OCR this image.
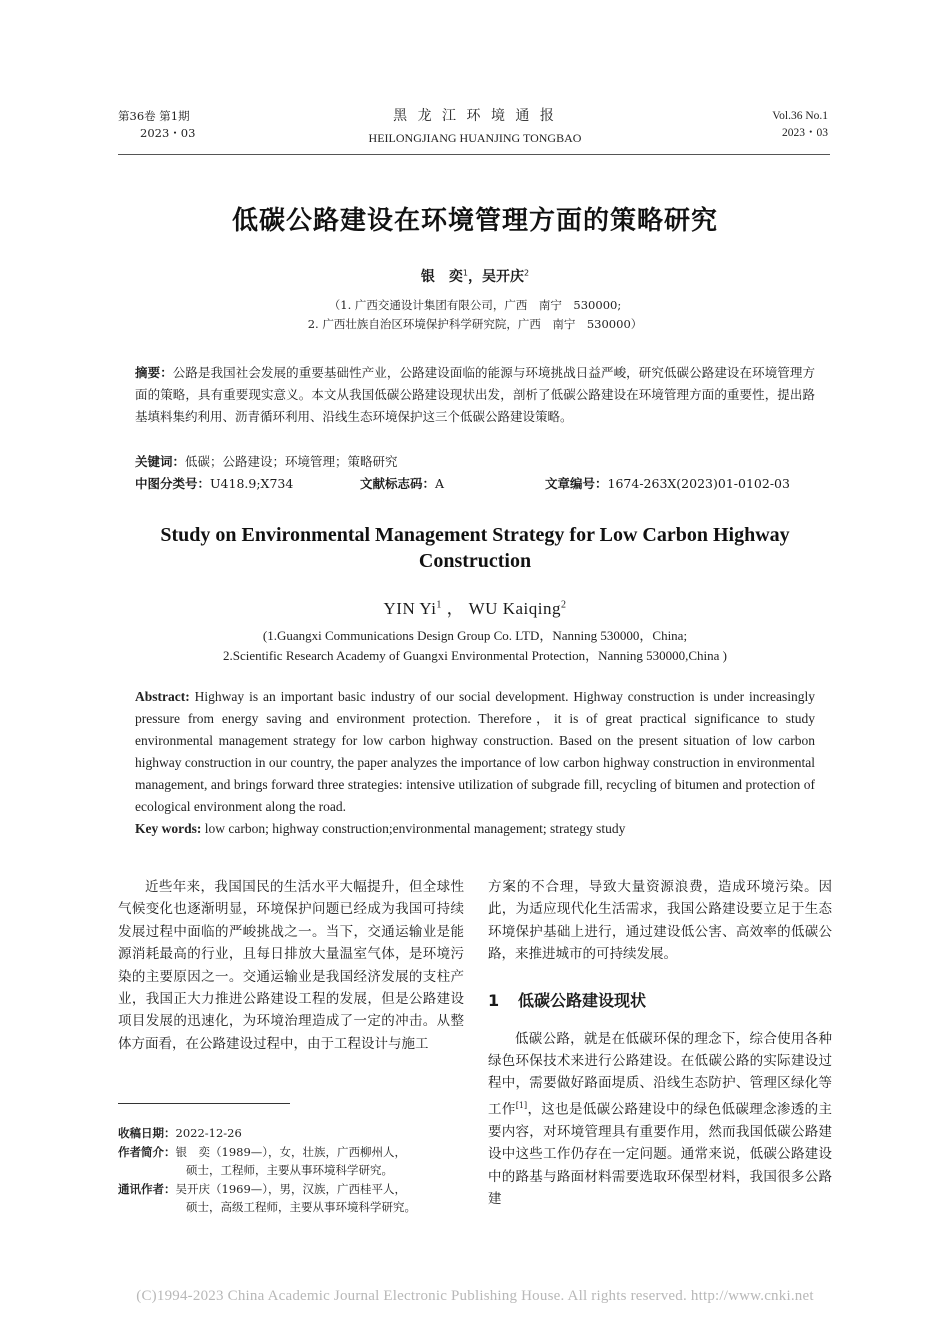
第36卷 第1期
2023・03
黑 龙 江 环 境 通 报
HEILONGJIANG HUANJING TONGBAO
Vol.36 No.1
2023・03
低碳公路建设在环境管理方面的策略研究
银　奕$^1$，吴开庆$^2$
（1. 广西交通设计集团有限公司，广西　南宁　530000;
2. 广西壮族自治区环境保护科学研究院，广西　南宁　530000）
摘要：公路是我国社会发展的重要基础性产业，公路建设面临的能源与环境挑战日益严峻，研究低碳公路建设在环境管理方面的策略，具有重要现实意义。本文从我国低碳公路建设现状出发，剖析了低碳公路建设在环境管理方面的重要性，提出路基填料集约利用、沥青循环利用、沿线生态环境保护这三个低碳公路建设策略。
关键词：低碳；公路建设；环境管理；策略研究
中图分类号：U418.9;X734	文献标志码：A	文章编号：1674-263X(2023)01-0102-03
Study on Environmental Management Strategy for Low Carbon Highway Construction
YIN Yi$^1$ ， WU Kaiqing$^2$
(1.Guangxi Communications Design Group Co. LTD，Nanning 530000，China;
2.Scientific Research Academy of Guangxi Environmental Protection，Nanning 530000,China )
Abstract: Highway is an important basic industry of our social development. Highway construction is under increasingly pressure from energy saving and environment protection. Therefore，it is of great practical significance to study environmental management strategy for low carbon highway construction. Based on the present situation of low carbon highway construction in our country, the paper analyzes the importance of low carbon highway construction in environmental management, and brings forward three strategies: intensive utilization of subgrade fill, recycling of bitumen and protection of ecological environment along the road.
Key words: low carbon; highway construction;environmental management; strategy study

近些年来，我国国民的生活水平大幅提升，但全球性气候变化也逐渐明显，环境保护问题已经成为我国可持续发展过程中面临的严峻挑战之一。当下，交通运输业是能源消耗最高的行业，且每日排放大量温室气体，是环境污染的主要原因之一。交通运输业是我国经济发展的支柱产业，我国正大力推进公路建设工程的发展，但是公路建设项目发展的迅速化，为环境治理造成了一定的冲击。从整体方面看，在公路建设过程中，由于工程设计与施工

方案的不合理，导致大量资源浪费，造成环境污染。因此，为适应现代化生活需求，我国公路建设要立足于生态环境保护基础上进行，通过建设低公害、高效率的低碳公路，来推进城市的可持续发展。

1 低碳公路建设现状

低碳公路，就是在低碳环保的理念下，综合使用各种绿色环保技术来进行公路建设。在低碳公路的实际建设过程中，需要做好路面堤质、沿线生态防护、管理区绿化等工作[1]，这也是低碳公路建设中的绿色低碳理念渗透的主要内容，对环境管理具有重要作用，然而我国低碳公路建设中这些工作仍存在一定问题。通常来说，低碳公路建设中的路基与路面材料需要选取环保型材料，我国很多公路建

收稿日期： 2022-12-26
作者简介： 银　奕（1989—），女，壮族，广西柳州人，
硕士，工程师，主要从事环境科学研究。
通讯作者： 吴开庆（1969—），男，汉族，广西桂平人，
硕士，高级工程师，主要从事环境科学研究。
(C)1994-2023 China Academic Journal Electronic Publishing House. All rights reserved. http://www.cnki.net
